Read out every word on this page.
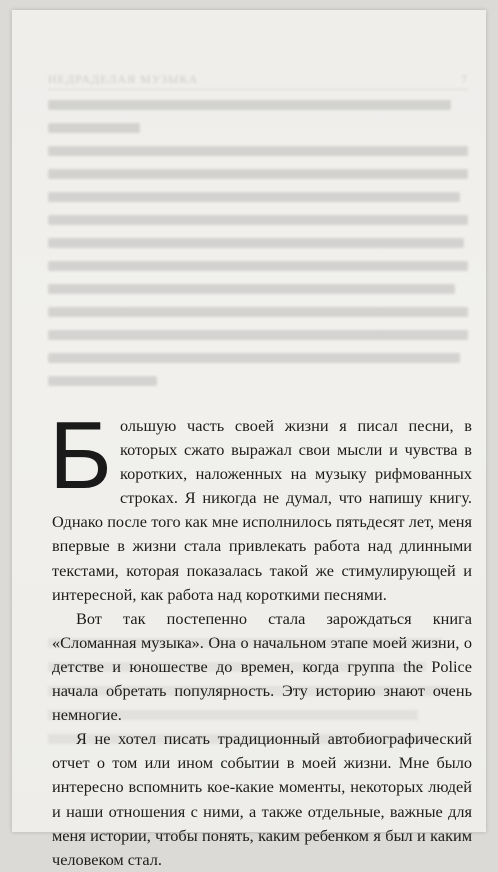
НЕДРАДЕЛАЯ МУЗЫКА	7

Большую часть своей жизни я писал песни, в которых сжато выражал свои мысли и чувства в коротких, наложенных на музыку рифмованных строках. Я никогда не думал, что напишу книгу. Однако после того как мне исполнилось пятьдесят лет, меня впервые в жизни стала привлекать работа над длинными текстами, которая показалась такой же стимулирующей и интересной, как работа над короткими песнями.

Вот так постепенно стала зарождаться книга «Сломанная музыка». Она о начальном этапе моей жизни, о детстве и юношестве до времен, когда группа the Police начала обретать популярность. Эту историю знают очень немногие.

Я не хотел писать традиционный автобиографический отчет о том или ином событии в моей жизни. Мне было интересно вспомнить кое-какие моменты, некоторых людей и наши отношения с ними, а также отдельные, важные для меня истории, чтобы понять, каким ребенком я был и каким человеком стал.
